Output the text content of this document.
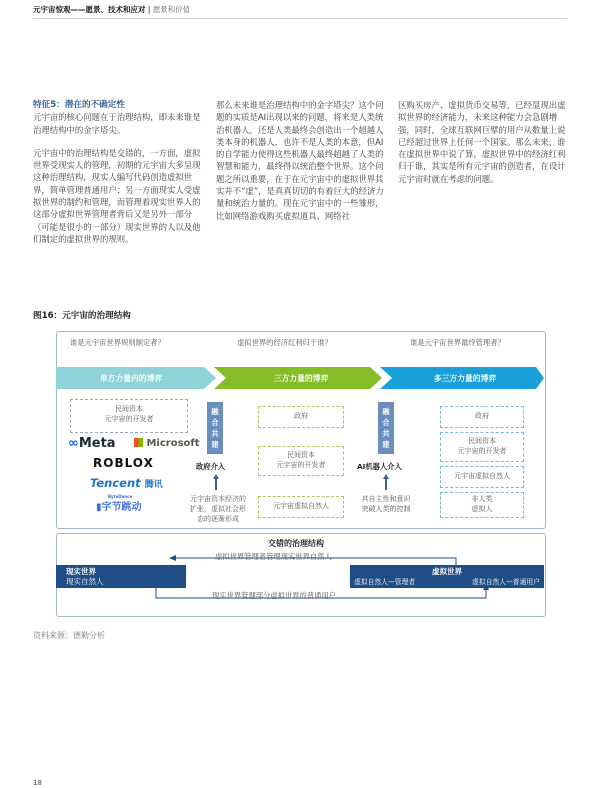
元宇宙惊观——愿景、技术和应对 | 愿景和价值
特征5：潜在的不确定性

元宇宙的核心问题在于治理结构，即未来谁是治理结构中的金字塔尖。

元宇宙中的治理结构是交错的，一方面，虚拟世界受现实人的管理，初期的元宇宙大多呈现这种治理结构，现实人编写代码创造虚拟世界，简单管理普通用户；另一方面现实人受虚拟世界的制约和管理，而管理着现实世界人的这部分虚拟世界管理者背后又是另外一部分（可能是很小的一部分）现实世界的人以及他们制定的虚拟世界的规则。

那么未来谁是治理结构中的金字塔尖？这个问题的实质是AI出现以来的问题，将来是人类统治机器人，还是人类最终会创造出一个超越人类本身的机器人，也许不是人类的本意，但AI的自学能力使得这些机器人最终超越了人类的智慧和能力，最终得以统治整个世界。这个问题之所以重要，在于在元宇宙中的虚拟世界其实并不“虚”，是真真切切的有着巨大的经济力量和统治力量的。现在元宇宙中的一些雏形，比如网络游戏购买虚拟道具、网络社

区购买房产、虚拟货币交易等，已经显现出虚拟世界的经济能力，未来这种能力会急剧增强，同时，全球互联网巨擘的用户从数量上说已经超过世界上任何一个国家。那么未来，谁在虚拟世界中说了算，虚拟世界中的经济红利归于谁，其实是所有元宇宙的创造者，在设计元宇宙时就在考虑的问题。

图16：元宇宙的治理结构
谁是元宇宙世界规则制定者？	虚拟世界的经济红利归于谁？	谁是元宇宙世界最终管理者？
单方力量内的博弈	三方力量的博弈	多三方力量的博弈
民间资本
元宇宙的开发者
∞Meta	Microsoft
ROBLOX
Tencent 腾讯
ByteDance
▮字节跳动
融
合
共
建
政府介入
元宇宙资本经济的
扩张，虚拟社会形
态的逐渐形成
政府
民间资本
元宇宙的开发者
元宇宙虚拟自然人
融
合
共
建
AI机器人介入
其自主性和意识
突破人类的控制
政府
民间资本
元宇宙的开发者
元宇宙虚拟自然人
非人类
虚拟人
交错的治理结构
虚拟世界管理者管理现实世界自然人
现实世界
现实自然人
虚拟世界
虚拟自然人—管理者	虚拟自然人—普通用户
现实世界管理部分虚拟世界的普通用户
资料来源：德勤分析
18
